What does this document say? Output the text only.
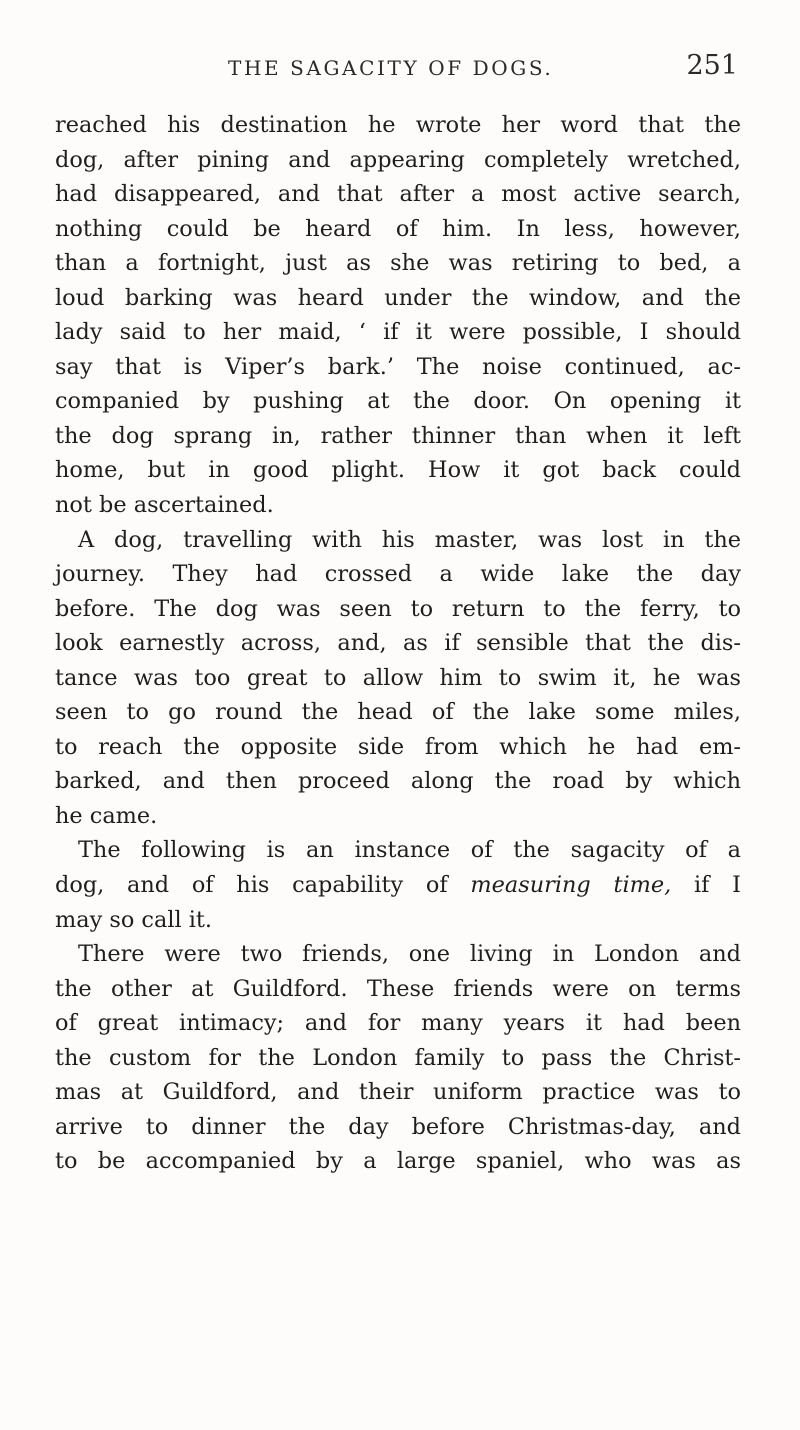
THE SAGACITY OF DOGS.	251
reached his destination he wrote her word that the
dog, after pining and appearing completely wretched,
had disappeared, and that after a most active search,
nothing could be heard of him. In less, however,
than a fortnight, just as she was retiring to bed, a
loud barking was heard under the window, and the
lady said to her maid, ‘ if it were possible, I should
say that is Viper’s bark.’ The noise continued, ac-
companied by pushing at the door. On opening it
the dog sprang in, rather thinner than when it left
home, but in good plight. How it got back could
not be ascertained.
A dog, travelling with his master, was lost in the
journey. They had crossed a wide lake the day
before. The dog was seen to return to the ferry, to
look earnestly across, and, as if sensible that the dis-
tance was too great to allow him to swim it, he was
seen to go round the head of the lake some miles,
to reach the opposite side from which he had em-
barked, and then proceed along the road by which
he came.
The following is an instance of the sagacity of a
dog, and of his capability of measuring time, if I
may so call it.
There were two friends, one living in London and
the other at Guildford. These friends were on terms
of great intimacy; and for many years it had been
the custom for the London family to pass the Christ-
mas at Guildford, and their uniform practice was to
arrive to dinner the day before Christmas-day, and
to be accompanied by a large spaniel, who was as
